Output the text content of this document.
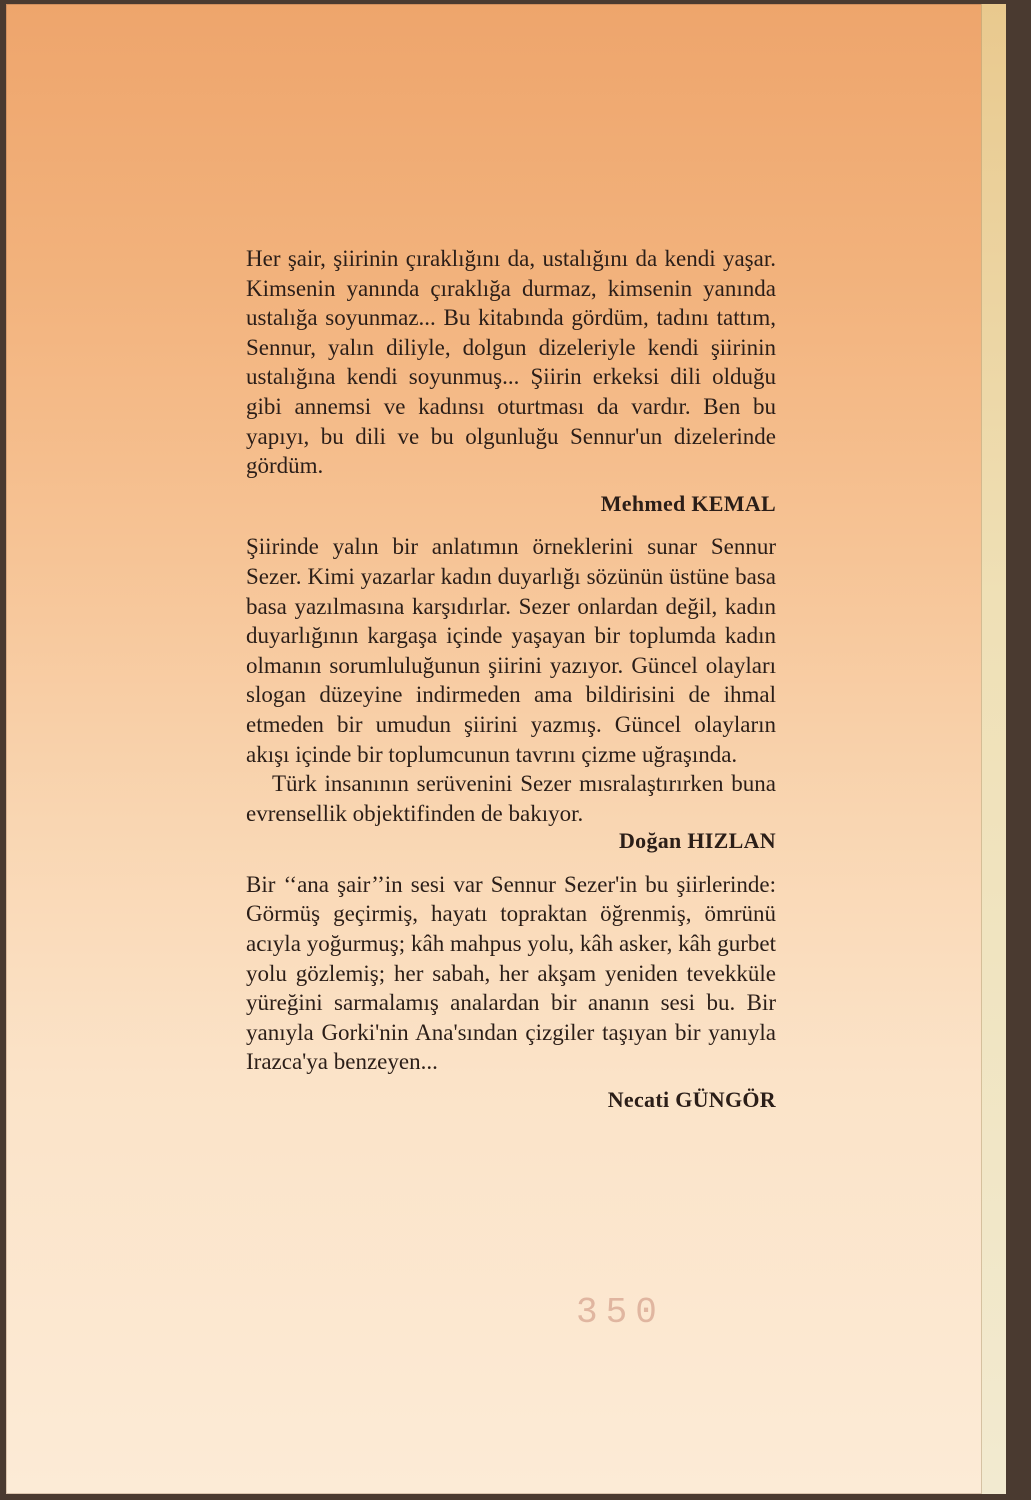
Her şair, şiirinin çıraklığını da, ustalığını da kendi yaşar. Kimsenin yanında çıraklığa durmaz, kimsenin yanında ustalığa soyunmaz... Bu kitabında gördüm, tadını tattım, Sennur, yalın diliyle, dolgun dizeleriyle kendi şiirinin ustalığına kendi soyunmuş... Şiirin erkeksi dili olduğu gibi annemsi ve kadınsı oturtması da vardır. Ben bu yapıyı, bu dili ve bu olgunluğu Sennur'un dizelerinde gördüm.

Mehmed KEMAL

Şiirinde yalın bir anlatımın örneklerini sunar Sennur Sezer. Kimi yazarlar kadın duyarlığı sözünün üstüne basa basa yazılmasına karşıdırlar. Sezer onlardan değil, kadın duyarlığının kargaşa içinde yaşayan bir toplumda kadın olmanın sorumluluğunun şiirini yazıyor. Güncel olayları slogan düzeyine indirmeden ama bildirisini de ihmal etmeden bir umudun şiirini yazmış. Güncel olayların akışı içinde bir toplumcunun tavrını çizme uğraşında.

Türk insanının serüvenini Sezer mısralaştırırken buna evrensellik objektifinden de bakıyor.

Doğan HIZLAN

Bir ‘‘ana şair’’in sesi var Sennur Sezer'in bu şiirlerinde: Görmüş geçirmiş, hayatı topraktan öğrenmiş, ömrünü acıyla yoğurmuş; kâh mahpus yolu, kâh asker, kâh gurbet yolu gözlemiş; her sabah, her akşam yeniden tevekküle yüreğini sarmalamış analardan bir ananın sesi bu. Bir yanıyla Gorki'nin Ana'sından çizgiler taşıyan bir yanıyla Irazca'ya benzeyen...

Necati GÜNGÖR
350
